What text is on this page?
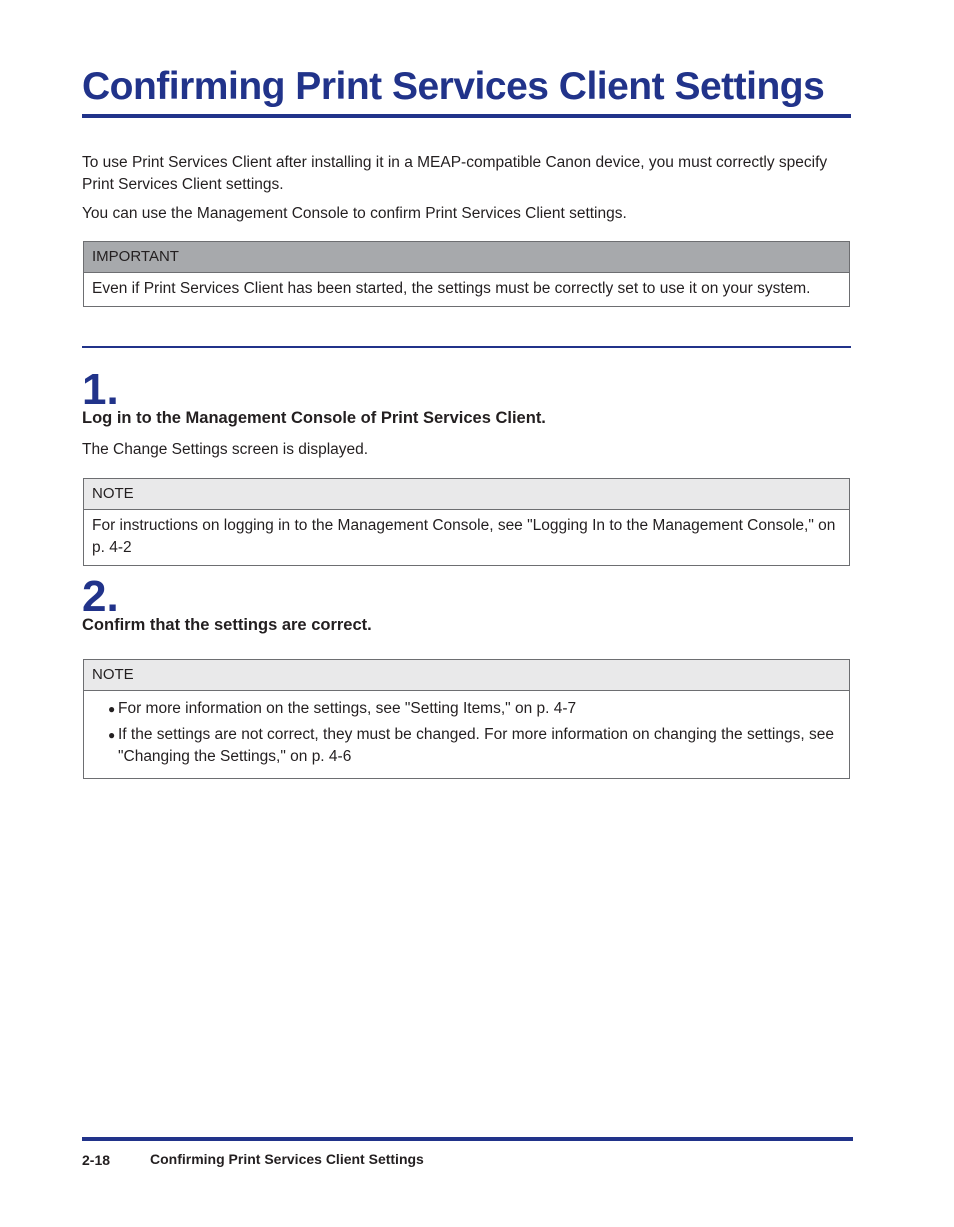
Confirming Print Services Client Settings

To use Print Services Client after installing it in a MEAP-compatible Canon device, you must correctly specify Print Services Client settings.

You can use the Management Console to confirm Print Services Client settings.

IMPORTANT
Even if Print Services Client has been started, the settings must be correctly set to use it on your system.
1.

Log in to the Management Console of Print Services Client.

The Change Settings screen is displayed.

NOTE
For instructions on logging in to the Management Console, see "Logging In to the Management Console," on p. 4-2
2.

Confirm that the settings are correct.

NOTE
● For more information on the settings, see "Setting Items," on p. 4-7
● If the settings are not correct, they must be changed. For more information on changing the settings, see "Changing the Settings," on p. 4-6
2-18	Confirming Print Services Client Settings
